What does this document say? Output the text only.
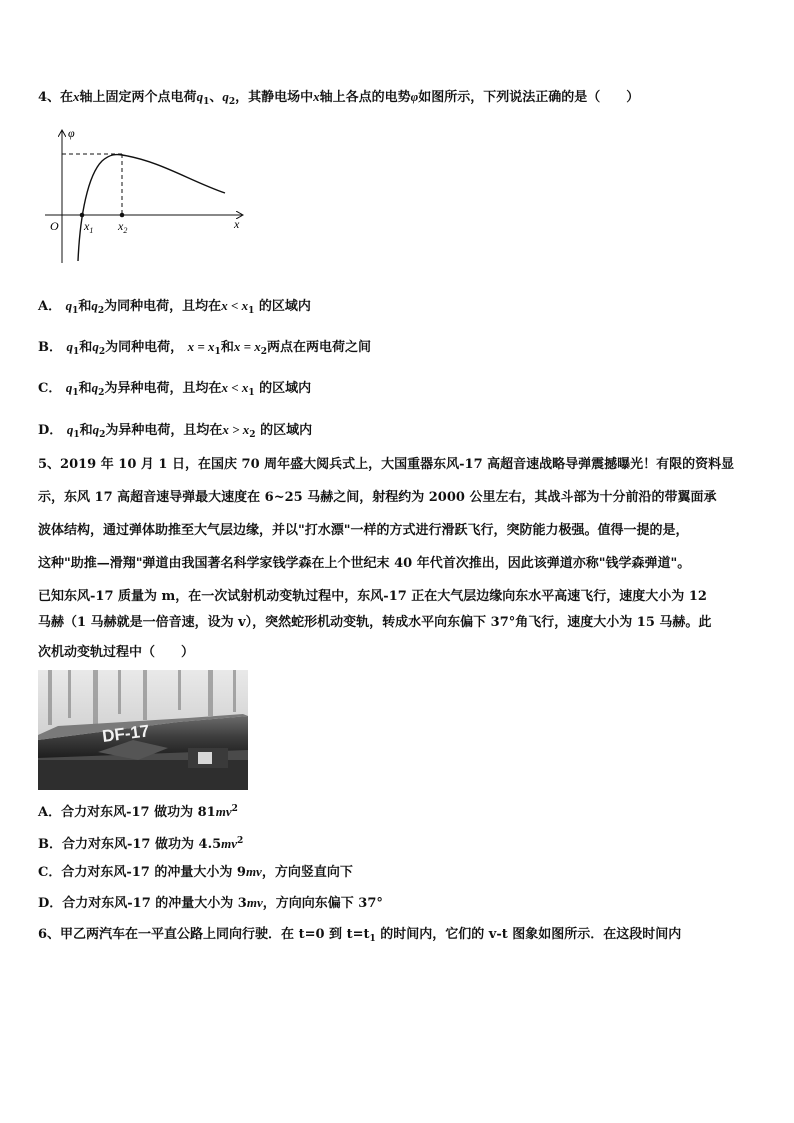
4、在x轴上固定两个点电荷$q_1$、$q_2$，其静电场中x轴上各点的电势φ如图所示，下列说法正确的是（　　）
φ
O $x_1$ $x_2$	x
A． $q_1$和$q_2$为同种电荷，且均在$x < x_1$ 的区域内
B． $q_1$和$q_2$为同种电荷， $x = x_1$和$x = x_2$两点在两电荷之间
C． $q_1$和$q_2$为异种电荷，且均在$x < x_1$ 的区域内
D． $q_1$和$q_2$为异种电荷，且均在$x > x_2$ 的区域内
5、2019 年 10 月 1 日，在国庆 70 周年盛大阅兵式上，大国重器东风-17 高超音速战略导弹震撼曝光！有限的资料显
示，东风 17 高超音速导弹最大速度在 6~25 马赫之间，射程约为 2000 公里左右，其战斗部为十分前沿的带翼面承
波体结构，通过弹体助推至大气层边缘，并以"打水漂"一样的方式进行滑跃飞行，突防能力极强。值得一提的是，
这种"助推—滑翔"弹道由我国著名科学家钱学森在上个世纪末 40 年代首次推出，因此该弹道亦称"钱学森弹道"。
已知东风-17 质量为 m，在一次试射机动变轨过程中，东风-17 正在大气层边缘向东水平高速飞行，速度大小为 12
马赫（1 马赫就是一倍音速，设为 v），突然蛇形机动变轨，转成水平向东偏下 37°角飞行，速度大小为 15 马赫。此
次机动变轨过程中（　　）
DF-17
A．合力对东风-17 做功为 $81mv^2$
B．合力对东风-17 做功为 $4.5mv^2$
C．合力对东风-17 的冲量大小为 9mv，方向竖直向下
D．合力对东风-17 的冲量大小为 3mv，方向向东偏下 37°
6、甲乙两汽车在一平直公路上同向行驶．在 t=0 到 $t=t_1$ 的时间内，它们的 v-t 图象如图所示．在这段时间内
